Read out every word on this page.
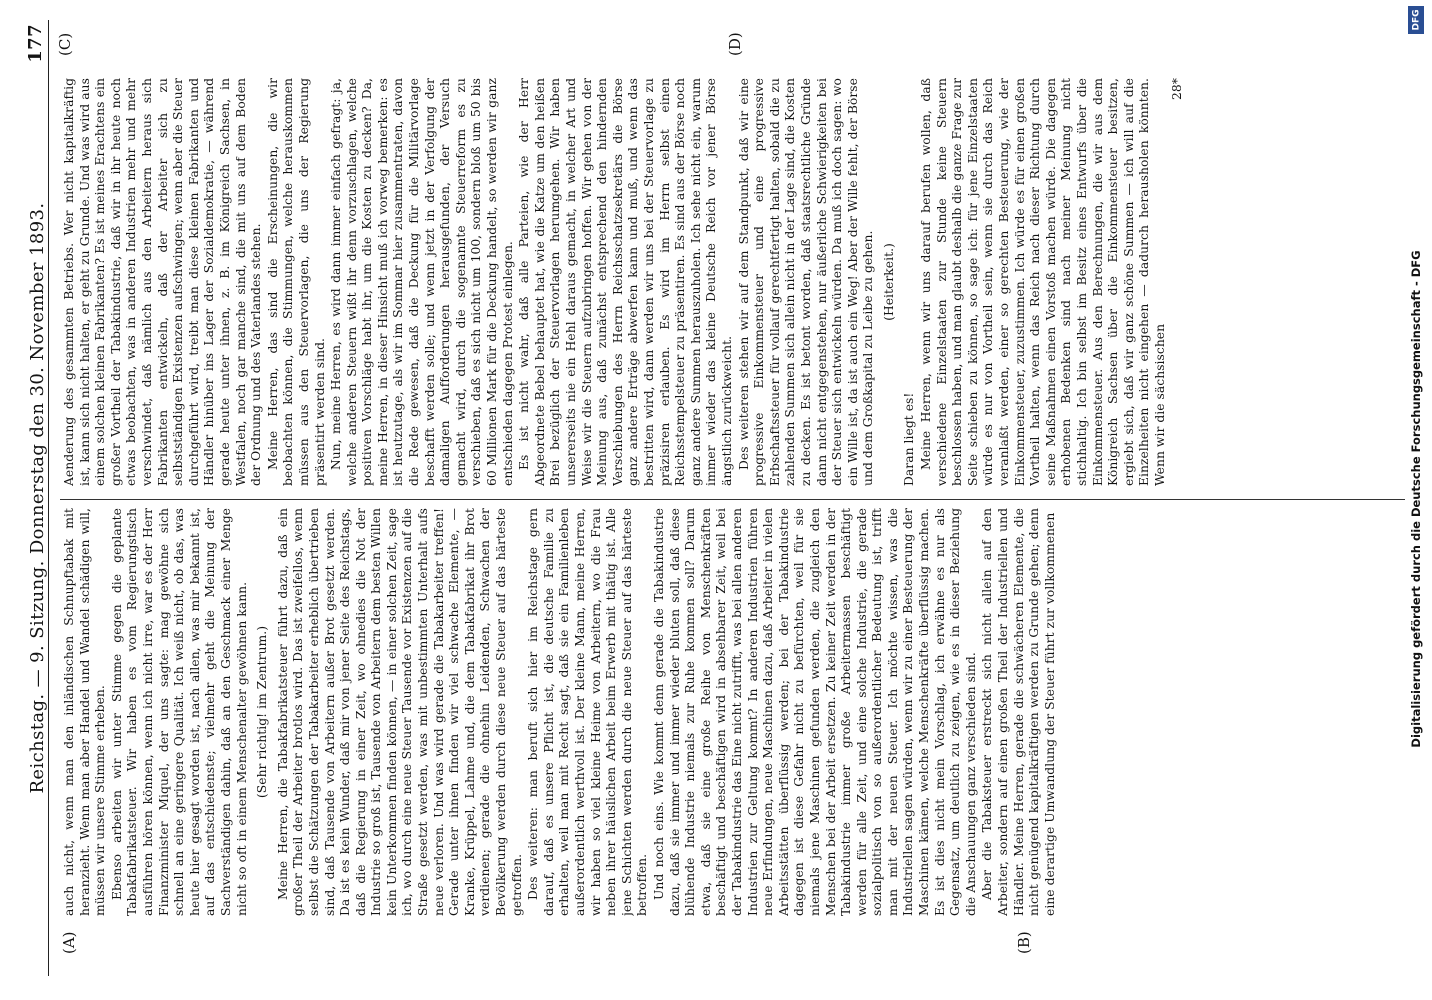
Reichstag. — 9. Sitzung. Donnerstag den 30. November 1893.
177
(A)	(B)
(C)	(D)

auch nicht, wenn man den inländischen Schnupftabak mit heranzieht. Wenn man aber Handel und Wandel schädigen will, müssen wir unsere Stimme erheben. Ebenso arbeiten wir unter Stimme gegen die geplante Tabakfabrikatsteuer. Wir haben es vom Regierungstisch ausführen hören können, wenn ich nicht irre, war es der Herr Finanzminister Miquel, der uns sagte: mag gewöhne sich schnell an eine geringere Qualität. Ich weiß nicht, ob das, was heute hier gesagt worden ist, nach allen, was mir bekannt ist, auf das entschiedenste; vielmehr geht die Meinung der Sachverständigen dahin, daß an den Geschmack einer Menge nicht so oft in einem Menschenalter gewöhnen kann. (Sehr richtig! im Zentrum.) Meine Herren, die Tabakfabrikatsteuer führt dazu, daß ein großer Theil der Arbeiter brotlos wird. Das ist zweifellos, wenn selbst die Schätzungen der Tabakarbeiter erheblich übertrieben sind, daß Tausende von Arbeitern außer Brot gesetzt werden. Da ist es kein Wunder, daß mir von jener Seite des Reichstags, daß die Regierung in einer Zeit, wo ohnedies die Not der Industrie so groß ist, Tausende von Arbeitern dem besten Willen kein Unterkommen finden können, — in einer solchen Zeit, sage ich, wo durch eine neue Steuer Tausende vor Existenzen auf die Straße gesetzt werden, was mit unbestimmten Unterhalt aufs neue verloren. Und was wird gerade die Tabakarbeiter treffen! Gerade unter ihnen finden wir viel schwache Elemente, — Kranke, Krüppel, Lahme und, die dem Tabakfabrikat ihr Brot verdienen; gerade die ohnehin Leidenden, Schwachen der Bevölkerung werden durch diese neue Steuer auf das härteste getroffen. Des weiteren: man beruft sich hier im Reichstage gern darauf, daß es unsere Pflicht ist, die deutsche Familie zu erhalten, weil man mit Recht sagt, daß sie ein Familienleben außerordentlich werthvoll ist. Der kleine Mann, meine Herren, wir haben so viel kleine Heime von Arbeitern, wo die Frau neben ihrer häuslichen Arbeit beim Erwerb mit thätig ist. Alle jene Schichten werden durch die neue Steuer auf das härteste betroffen. Und noch eins. Wie kommt denn gerade die Tabakindustrie dazu, daß sie immer und immer wieder bluten soll, daß diese blühende Industrie niemals zur Ruhe kommen soll? Darum etwa, daß sie eine große Reihe von Menschenkräften beschäftigt und beschäftigen wird in absehbarer Zeit, weil bei der Tabakindustrie das Eine nicht zutrifft, was bei allen anderen Industrien zur Geltung kommt? In anderen Industrien führen neue Erfindungen, neue Maschinen dazu, daß Arbeiter in vielen Arbeitsstätten überflüssig werden; bei der Tabakindustrie dagegen ist diese Gefahr nicht zu befürchten, weil für sie niemals jene Maschinen gefunden werden, die zugleich den Menschen bei der Arbeit ersetzen. Zu keiner Zeit werden in der Tabakindustrie immer große Arbeitermassen beschäftigt werden für alle Zeit, und eine solche Industrie, die gerade sozialpolitisch von so außerordentlicher Bedeutung ist, trifft man mit der neuen Steuer. Ich möchte wissen, was die Industriellen sagen würden, wenn wir zu einer Besteuerung der Maschinen kämen, welche Menschenkräfte überflüssig machen. Es ist dies nicht mein Vorschlag, ich erwähne es nur als Gegensatz, um deutlich zu zeigen, wie es in dieser Beziehung die Anschauungen ganz verschieden sind. Aber die Tabaksteuer erstreckt sich nicht allein auf den Arbeiter, sondern auf einen großen Theil der Industriellen und Händler. Meine Herren, gerade die schwächeren Elemente, die nicht genügend kapitalkräftigen werden zu Grunde gehen; denn eine derartige Umwandlung der Steuer führt zur vollkommenen

Aenderung des gesammten Betriebs. Wer nicht kapitalkräftig ist, kann sich nicht halten, er geht zu Grunde. Und was wird aus einem solchen kleinen Fabrikanten? Es ist meines Erachtens ein großer Vortheil der Tabakindustrie, daß wir in ihr heute noch etwas beobachten, was in anderen Industrien mehr und mehr verschwindet, daß nämlich aus den Arbeitern heraus sich Fabrikanten entwickeln, daß der Arbeiter sich zu selbstständigen Existenzen aufschwingen; wenn aber die Steuer durchgeführt wird, treibt man diese kleinen Fabrikanten und Händler hinüber ins Lager der Sozialdemokratie, — während gerade heute unter ihnen, z. B. im Königreich Sachsen, in Westfalen, noch gar manche sind, die mit uns auf dem Boden der Ordnung und des Vaterlandes stehen. Meine Herren, das sind die Erscheinungen, die wir beobachten können, die Stimmungen, welche herauskommen müssen aus den Steuervorlagen, die uns der Regierung präsentirt werden sind. Nun, meine Herren, es wird dann immer einfach gefragt: ja, welche anderen Steuern wißt ihr denn vorzuschlagen, welche positiven Vorschläge habt ihr, um die Kosten zu decken? Da, meine Herren, in dieser Hinsicht muß ich vorweg bemerken: es ist heutzutage, als wir im Sommar hier zusammentraten, davon die Rede gewesen, daß die Deckung für die Militärvorlage beschafft werden solle; und wenn jetzt in der Verfolgung der damaligen Aufforderungen herausgefunden, der Versuch gemacht wird, durch die sogenannte Steuerreform es zu verschieben, daß es sich nicht um 100, sondern bloß um 50 bis 60 Millionen Mark für die Deckung handelt, so werden wir ganz entschieden dagegen Protest einlegen. Es ist nicht wahr, daß alle Parteien, wie der Herr Abgeordnete Bebel behauptet hat, wie die Katze um den heißen Brei bezüglich der Steuervorlagen herumgehen. Wir haben unsererseits nie ein Hehl daraus gemacht, in welcher Art und Weise wir die Steuern aufzubringen hoffen. Wir gehen von der Meinung aus, daß zunächst entsprechend den hindernden Verschiebungen des Herrn Reichsschatzsekretärs die Börse ganz andere Erträge abwerfen kann und muß, und wenn das bestritten wird, dann werden wir uns bei der Steuervorlage zu präzisiren erlauben. Es wird im Herrn selbst einen Reichsstempelsteuer zu präsentiren. Es sind aus der Börse noch ganz andere Summen herauszuholen. Ich sehe nicht ein, warum immer wieder das kleine Deutsche Reich vor jener Börse ängstlich zurückweicht. Des weiteren stehen wir auf dem Standpunkt, daß wir eine progressive Einkommensteuer und eine progressive Erbschaftssteuer für vollauf gerechtfertigt halten, sobald die zu zahlenden Summen sich allein nicht in der Lage sind, die Kosten zu decken. Es ist betont worden, daß staatsrechtliche Gründe dann nicht entgegenstehen, nur äußerliche Schwierigkeiten bei der Steuer sich entwickeln würden. Da muß ich doch sagen: wo ein Wille ist, da ist auch ein Weg! Aber der Wille fehlt, der Börse und dem Großkapital zu Leibe zu gehen. (Heiterkeit.)

Daran liegt es! Meine Herren, wenn wir uns darauf berufen wollen, daß verschiedene Einzelstaaten zur Stunde keine Steuern beschlossen haben, und man glaubt deshalb die ganze Frage zur Seite schieben zu können, so sage ich: für jene Einzelstaaten würde es nur von Vortheil sein, wenn sie durch das Reich veranlaßt werden, einer so gerechten Besteuerung, wie der Einkommensteuer, zuzustimmen. Ich würde es für einen großen Vortheil halten, wenn das Reich nach dieser Richtung durch seine Maßnahmen einen Vorstoß machen würde. Die dagegen erhobenen Bedenken sind nach meiner Meinung nicht stichhaltig. Ich bin selbst im Besitz eines Entwurfs über die Einkommensteuer. Aus den Berechnungen, die wir aus dem Königreich Sachsen über die Einkommensteuer besitzen, ergiebt sich, daß wir ganz schöne Summen — ich will auf die Einzelheiten nicht eingehen — dadurch herausholen könnten. Wenn wir die sächsischen

28*

DFG
Digitalisierung gefördert durch die Deutsche Forschungsgemeinschaft - DFG
